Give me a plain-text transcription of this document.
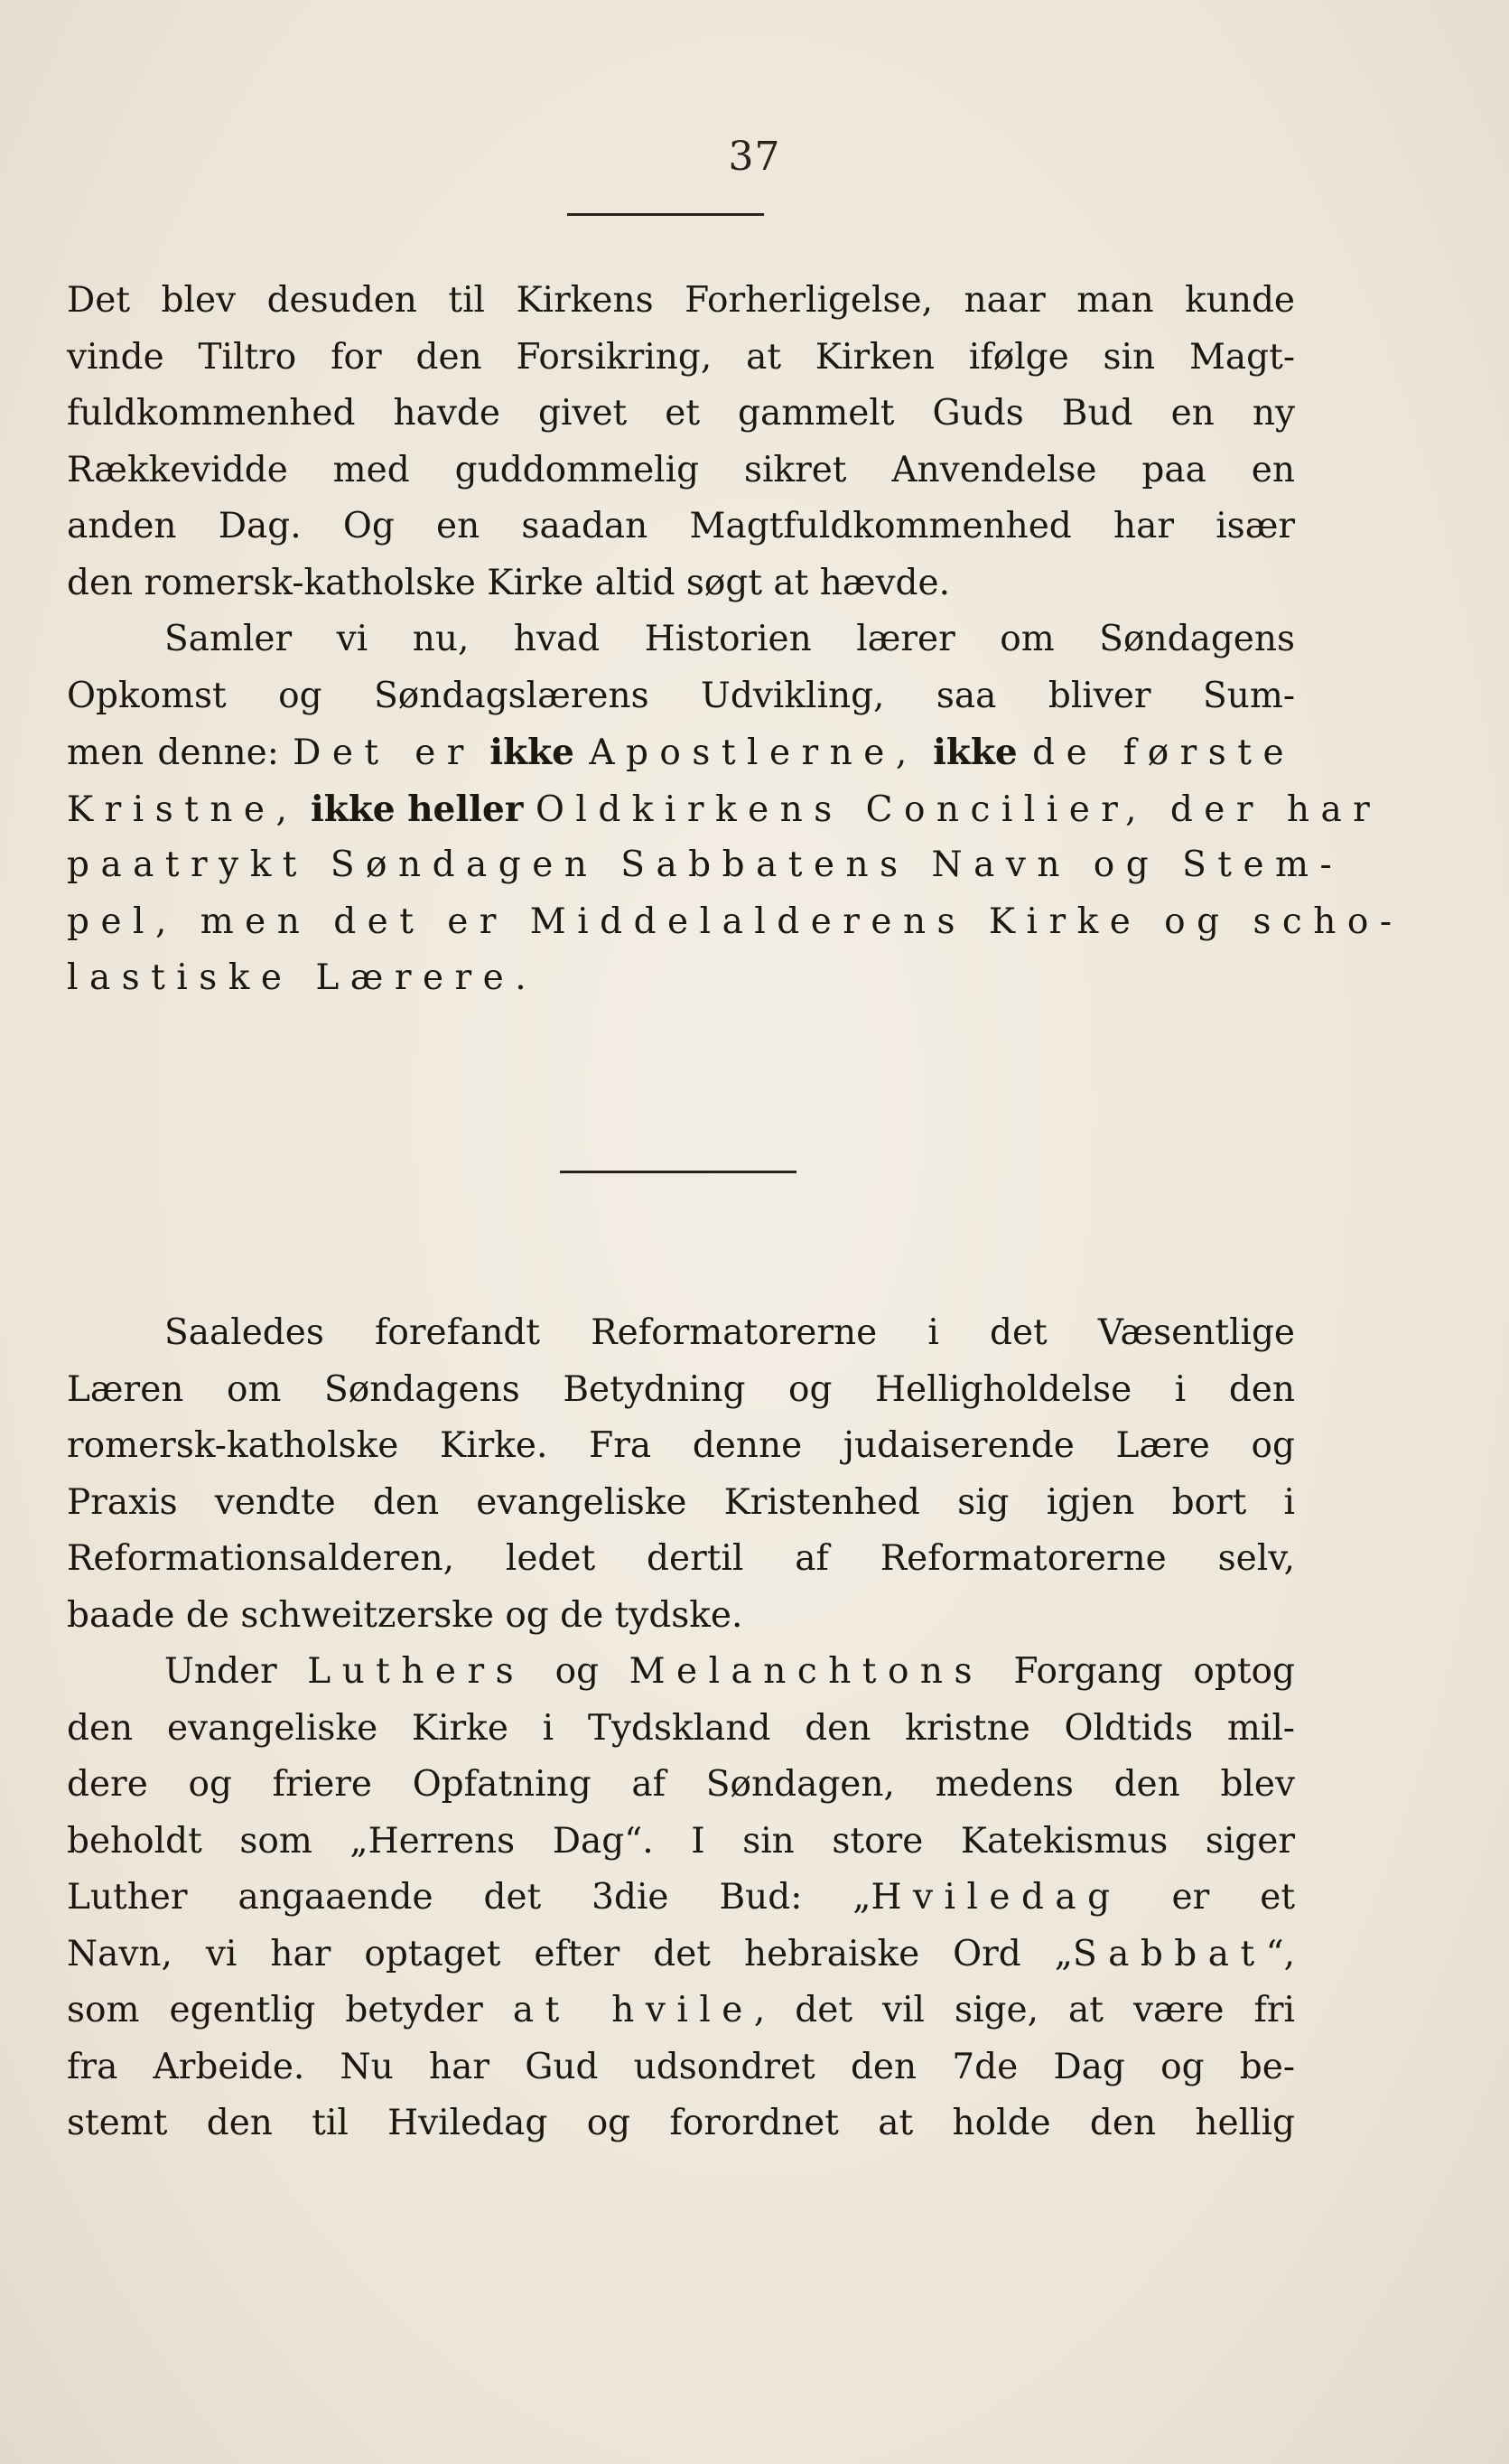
37
Det blev desuden til Kirkens Forherligelse, naar man kunde
vinde Tiltro for den Forsikring, at Kirken ifølge sin Magt-
fuldkommenhed havde givet et gammelt Guds Bud en ny
Rækkevidde med guddommelig sikret Anvendelse paa en
anden Dag. Og en saadan Magtfuldkommenhed har især
den romersk-katholske Kirke altid søgt at hævde.
Samler vi nu, hvad Historien lærer om Søndagens
Opkomst og Søndagslærens Udvikling, saa bliver Sum-
men denne: Det er ikke Apostlerne, ikke de første
Kristne, ikke heller Oldkirkens Concilier, der har
paatrykt Søndagen Sabbatens Navn og Stem-
pel, men det er Middelalderens Kirke og scho-
lastiske Lærere.
Saaledes forefandt Reformatorerne i det Væsentlige
Læren om Søndagens Betydning og Helligholdelse i den
romersk-katholske Kirke. Fra denne judaiserende Lære og
Praxis vendte den evangeliske Kristenhed sig igjen bort i
Reformationsalderen, ledet dertil af Reformatorerne selv,
baade de schweitzerske og de tydske.
Under Luthers og Melanchtons Forgang optog
den evangeliske Kirke i Tydskland den kristne Oldtids mil-
dere og friere Opfatning af Søndagen, medens den blev
beholdt som „Herrens Dag“. I sin store Katekismus siger
Luther angaaende det 3die Bud: „Hviledag er et
Navn, vi har optaget efter det hebraiske Ord „Sabbat“,
som egentlig betyder at hvile, det vil sige, at være fri
fra Arbeide. Nu har Gud udsondret den 7de Dag og be-
stemt den til Hviledag og forordnet at holde den hellig
